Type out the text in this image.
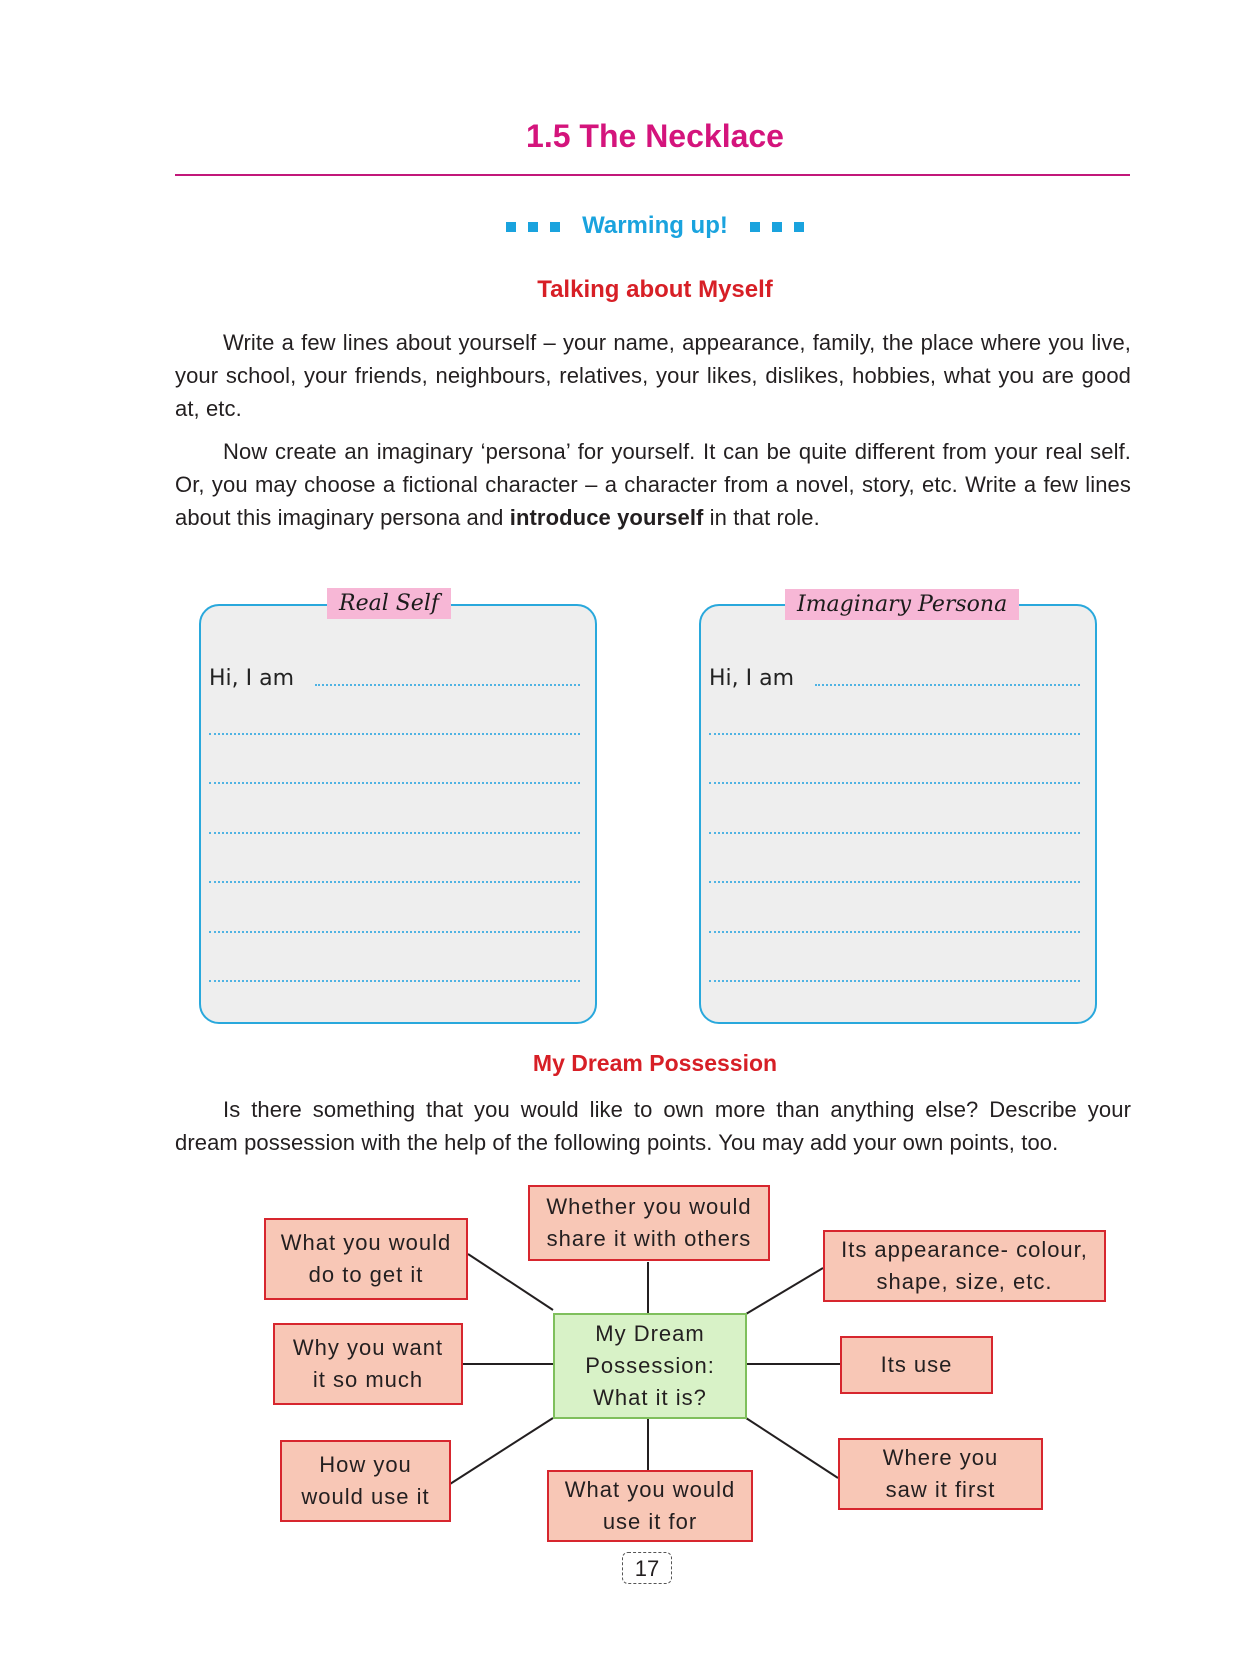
1.5 The Necklace
Warming up!
Talking about Myself
Write a few lines about yourself – your name, appearance, family, the place where you live, your school, your friends, neighbours, relatives, your likes, dislikes, hobbies, what you are good at, etc.
Now create an imaginary ‘persona’ for yourself. It can be quite different from your real self. Or, you may choose a fictional character – a character from a novel, story, etc. Write a few lines about this imaginary persona and introduce yourself in that role.
Real Self
Hi, I am
Imaginary Persona
Hi, I am
My Dream Possession
Is there something that you would like to own more than anything else? Describe your dream possession with the help of the following points. You may add your own points, too.
My Dream
Possession:
What it is?
Whether you would
share it with others
What you would
do to get it
Its appearance- colour,
shape, size, etc.
Why you want
it so much
Its use
How you
would use it	What you would
use it for
Where you
saw it first
17
